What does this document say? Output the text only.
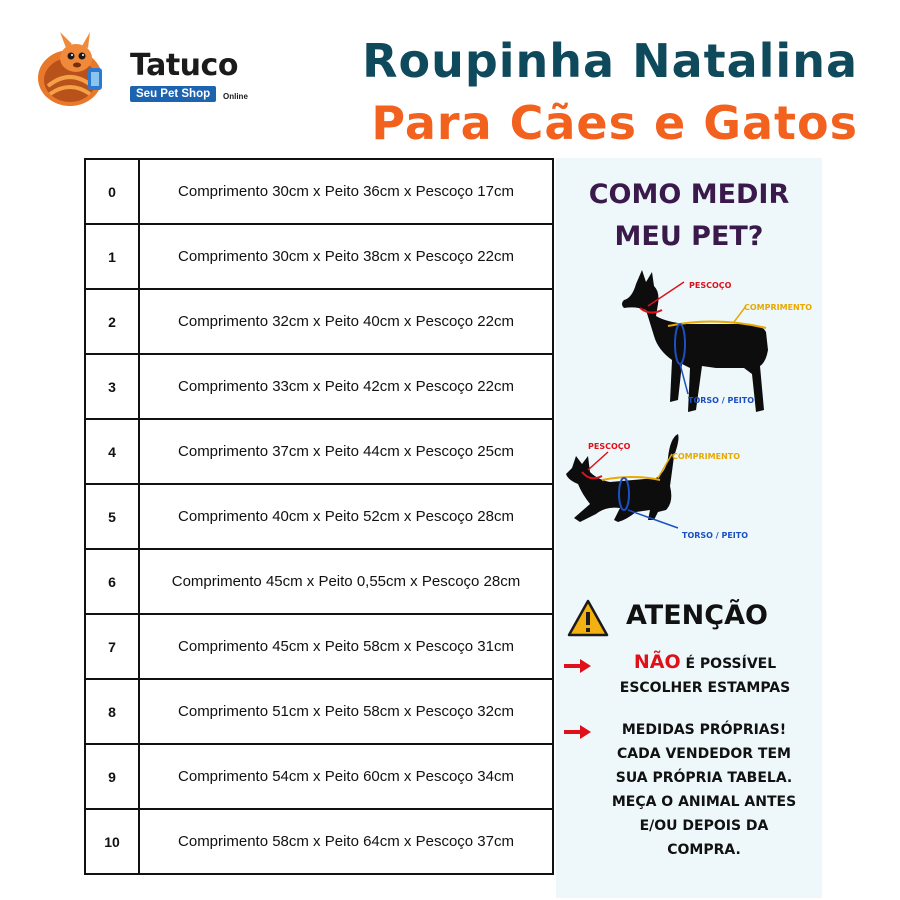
Tatuco
Seu Pet Shop	Online
Roupinha Natalina
Para Cães e Gatos
0	Comprimento 30cm x Peito 36cm x Pescoço 17cm
1	Comprimento 30cm x Peito 38cm x Pescoço 22cm
2	Comprimento 32cm x Peito 40cm x Pescoço 22cm
3	Comprimento 33cm x Peito 42cm x Pescoço 22cm
4	Comprimento 37cm x Peito 44cm x Pescoço 25cm
5	Comprimento 40cm x Peito 52cm x Pescoço 28cm
6	Comprimento 45cm x Peito 0,55cm x Pescoço 28cm
7	Comprimento 45cm x Peito 58cm x Pescoço 31cm
8	Comprimento 51cm x Peito 58cm x Pescoço 32cm
9	Comprimento 54cm x Peito 60cm x Pescoço 34cm
10	Comprimento 58cm x Peito 64cm x Pescoço 37cm
COMO MEDIR
MEU PET?
PESCOÇO
COMPRIMENTO
TORSO / PEITO
PESCOÇO
COMPRIMENTO
TORSO / PEITO
ATENÇÃO
NÃO É POSSÍVEL
ESCOLHER ESTAMPAS
MEDIDAS PRÓPRIAS!
CADA VENDEDOR TEM
SUA PRÓPRIA TABELA.
MEÇA O ANIMAL ANTES
E/OU DEPOIS DA
COMPRA.
